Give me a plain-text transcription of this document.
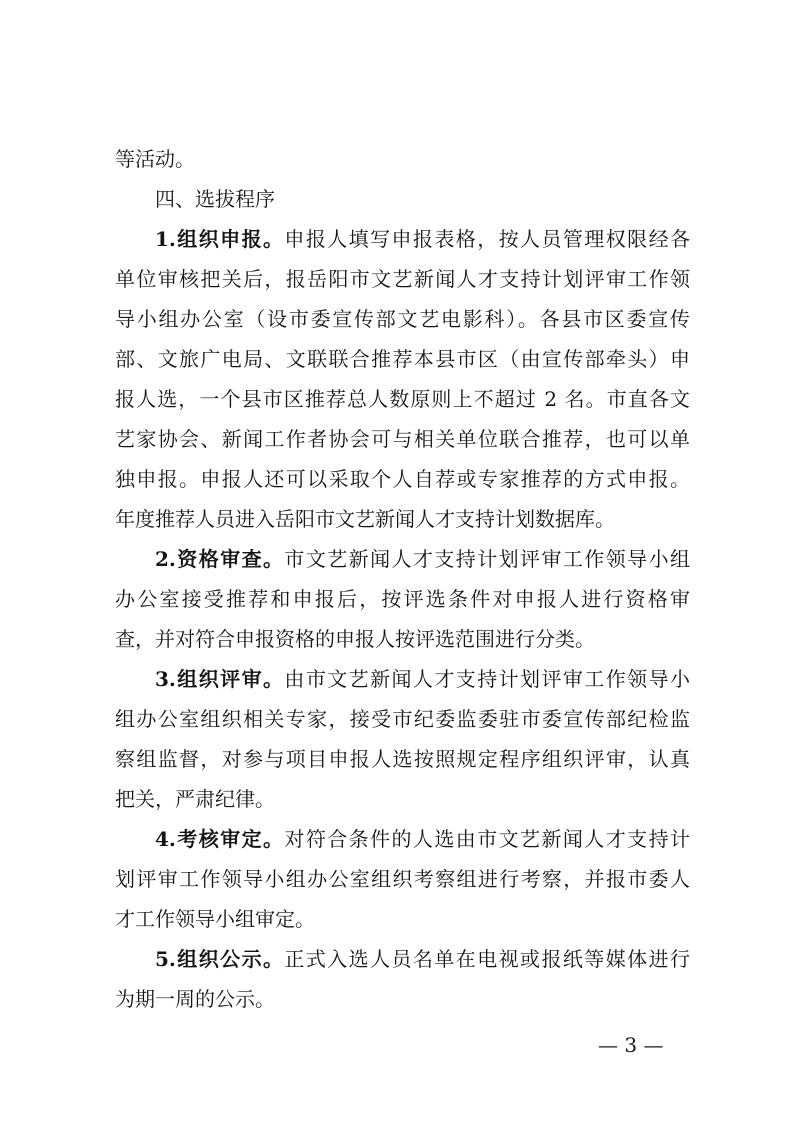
等活动。
四、选拔程序
1.组织申报。申报人填写申报表格，按人员管理权限经各
单位审核把关后，报岳阳市文艺新闻人才支持计划评审工作领
导小组办公室（设市委宣传部文艺电影科）。各县市区委宣传
部、文旅广电局、文联联合推荐本县市区（由宣传部牵头）申
报人选，一个县市区推荐总人数原则上不超过 2 名。市直各文
艺家协会、新闻工作者协会可与相关单位联合推荐，也可以单
独申报。申报人还可以采取个人自荐或专家推荐的方式申报。
年度推荐人员进入岳阳市文艺新闻人才支持计划数据库。
2.资格审查。市文艺新闻人才支持计划评审工作领导小组
办公室接受推荐和申报后，按评选条件对申报人进行资格审
查，并对符合申报资格的申报人按评选范围进行分类。
3.组织评审。由市文艺新闻人才支持计划评审工作领导小
组办公室组织相关专家，接受市纪委监委驻市委宣传部纪检监
察组监督，对参与项目申报人选按照规定程序组织评审，认真
把关，严肃纪律。
4.考核审定。对符合条件的人选由市文艺新闻人才支持计
划评审工作领导小组办公室组织考察组进行考察，并报市委人
才工作领导小组审定。
5.组织公示。正式入选人员名单在电视或报纸等媒体进行
为期一周的公示。
— 3 —
